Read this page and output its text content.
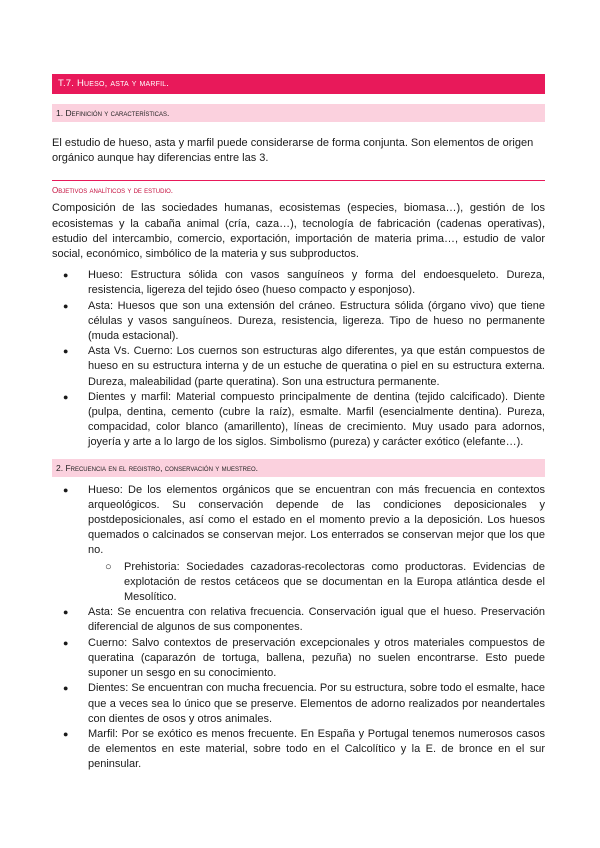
T.7. Hueso, asta y marfil.
1. Definición y características.

El estudio de hueso, asta y marfil puede considerarse de forma conjunta. Son elementos de origen orgánico aunque hay diferencias entre las 3.

Objetivos analíticos y de estudio.

Composición de las sociedades humanas, ecosistemas (especies, biomasa…), gestión de los ecosistemas y la cabaña animal (cría, caza…), tecnología de fabricación (cadenas operativas), estudio del intercambio, comercio, exportación, importación de materia prima…, estudio de valor social, económico, simbólico de la materia y sus subproductos.

● Hueso: Estructura sólida con vasos sanguíneos y forma del endoesqueleto. Dureza, resistencia, ligereza del tejido óseo (hueso compacto y esponjoso).
● Asta: Huesos que son una extensión del cráneo. Estructura sólida (órgano vivo) que tiene células y vasos sanguíneos. Dureza, resistencia, ligereza. Tipo de hueso no permanente (muda estacional).
● Asta Vs. Cuerno: Los cuernos son estructuras algo diferentes, ya que están compuestos de hueso en su estructura interna y de un estuche de queratina o piel en su estructura externa. Dureza, maleabilidad (parte queratina). Son una estructura permanente.
● Dientes y marfil: Material compuesto principalmente de dentina (tejido calcificado). Diente (pulpa, dentina, cemento (cubre la raíz), esmalte. Marfil (esencialmente dentina). Pureza, compacidad, color blanco (amarillento), líneas de crecimiento. Muy usado para adornos, joyería y arte a lo largo de los siglos. Simbolismo (pureza) y carácter exótico (elefante…).
2. Frecuencia en el registro, conservación y muestreo.
● Hueso: De los elementos orgánicos que se encuentran con más frecuencia en contextos arqueológicos. Su conservación depende de las condiciones deposicionales y postdeposicionales, así como el estado en el momento previo a la deposición. Los huesos quemados o calcinados se conservan mejor. Los enterrados se conservan mejor que los que no.
○ Prehistoria: Sociedades cazadoras-recolectoras como productoras. Evidencias de explotación de restos cetáceos que se documentan en la Europa atlántica desde el Mesolítico.
● Asta: Se encuentra con relativa frecuencia. Conservación igual que el hueso. Preservación diferencial de algunos de sus componentes.
● Cuerno: Salvo contextos de preservación excepcionales y otros materiales compuestos de queratina (caparazón de tortuga, ballena, pezuña) no suelen encontrarse. Esto puede suponer un sesgo en su conocimiento.
● Dientes: Se encuentran con mucha frecuencia. Por su estructura, sobre todo el esmalte, hace que a veces sea lo único que se preserve. Elementos de adorno realizados por neandertales con dientes de osos y otros animales.
● Marfil: Por se exótico es menos frecuente. En España y Portugal tenemos numerosos casos de elementos en este material, sobre todo en el Calcolítico y la E. de bronce en el sur peninsular.
